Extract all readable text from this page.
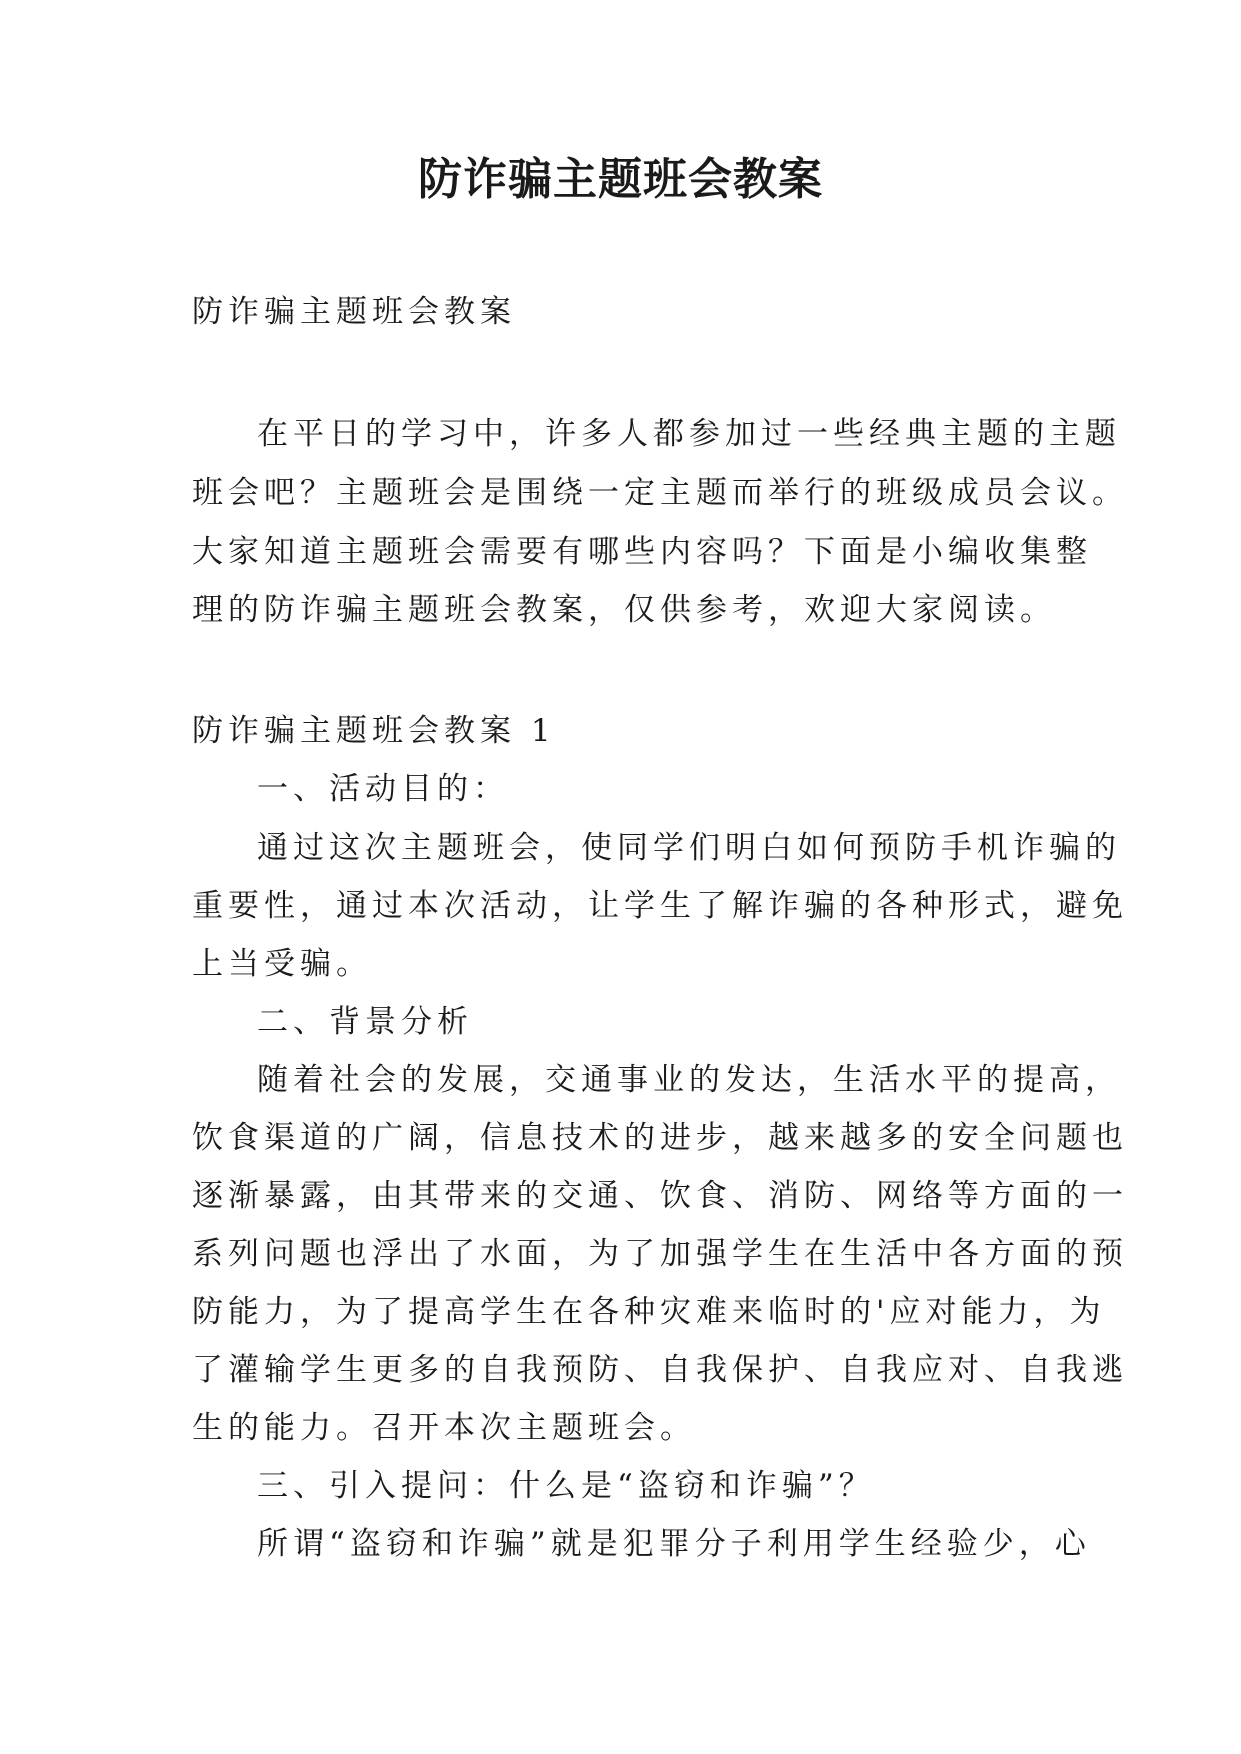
防诈骗主题班会教案
防诈骗主题班会教案
在平日的学习中，许多人都参加过一些经典主题的主题
班会吧？主题班会是围绕一定主题而举行的班级成员会议。
大家知道主题班会需要有哪些内容吗？下面是小编收集整
理的防诈骗主题班会教案，仅供参考，欢迎大家阅读。
防诈骗主题班会教案 1
一、活动目的：
通过这次主题班会，使同学们明白如何预防手机诈骗的
重要性，通过本次活动，让学生了解诈骗的各种形式，避免
上当受骗。
二、背景分析
随着社会的发展，交通事业的发达，生活水平的提高，
饮食渠道的广阔，信息技术的进步，越来越多的安全问题也
逐渐暴露，由其带来的交通、饮食、消防、网络等方面的一
系列问题也浮出了水面，为了加强学生在生活中各方面的预
防能力，为了提高学生在各种灾难来临时的'应对能力，为
了灌输学生更多的自我预防、自我保护、自我应对、自我逃
生的能力。召开本次主题班会。
三、引入提问：什么是“盗窃和诈骗”？
所谓“盗窃和诈骗”就是犯罪分子利用学生经验少，心
